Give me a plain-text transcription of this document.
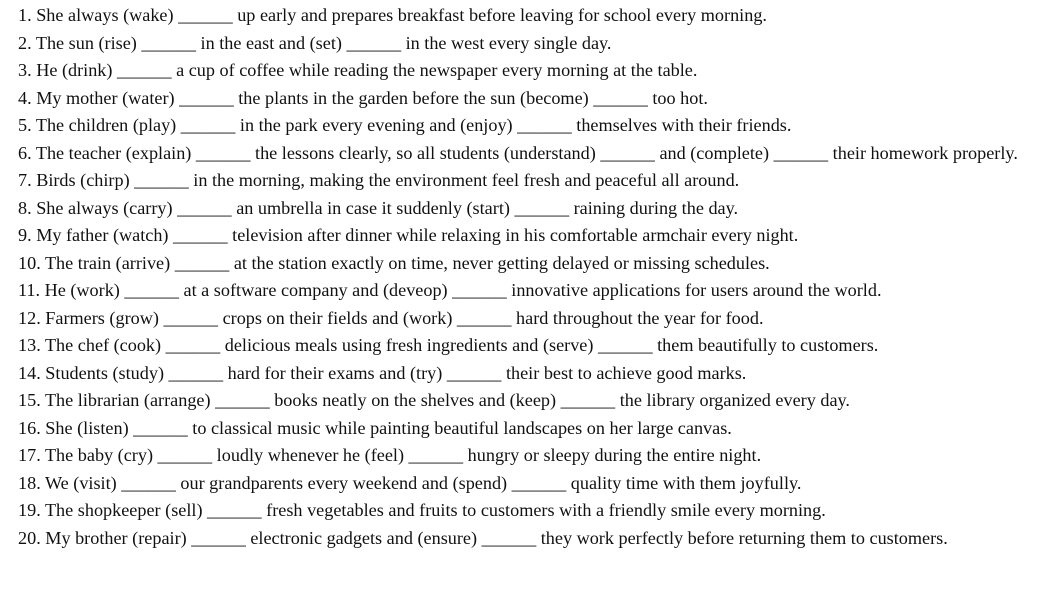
1. She always (wake) ______ up early and prepares breakfast before leaving for school every morning.

2. The sun (rise) ______ in the east and (set) ______ in the west every single day.

3. He (drink) ______ a cup of coffee while reading the newspaper every morning at the table.

4. My mother (water) ______ the plants in the garden before the sun (become) ______ too hot.

5. The children (play) ______ in the park every evening and (enjoy) ______ themselves with their friends.

6. The teacher (explain) ______ the lessons clearly, so all students (understand) ______ and (complete) ______ their homework properly.

7. Birds (chirp) ______ in the morning, making the environment feel fresh and peaceful all around.

8. She always (carry) ______ an umbrella in case it suddenly (start) ______ raining during the day.

9. My father (watch) ______ television after dinner while relaxing in his comfortable armchair every night.

10. The train (arrive) ______ at the station exactly on time, never getting delayed or missing schedules.

11. He (work) ______ at a software company and (deveop) ______ innovative applications for users around the world.

12. Farmers (grow) ______ crops on their fields and (work) ______ hard throughout the year for food.

13. The chef (cook) ______ delicious meals using fresh ingredients and (serve) ______ them beautifully to customers.

14. Students (study) ______ hard for their exams and (try) ______ their best to achieve good marks.

15. The librarian (arrange) ______ books neatly on the shelves and (keep) ______ the library organized every day.

16. She (listen) ______ to classical music while painting beautiful landscapes on her large canvas.

17. The baby (cry) ______ loudly whenever he (feel) ______ hungry or sleepy during the entire night.

18. We (visit) ______ our grandparents every weekend and (spend) ______ quality time with them joyfully.

19. The shopkeeper (sell) ______ fresh vegetables and fruits to customers with a friendly smile every morning.

20. My brother (repair) ______ electronic gadgets and (ensure) ______ they work perfectly before returning them to customers.
